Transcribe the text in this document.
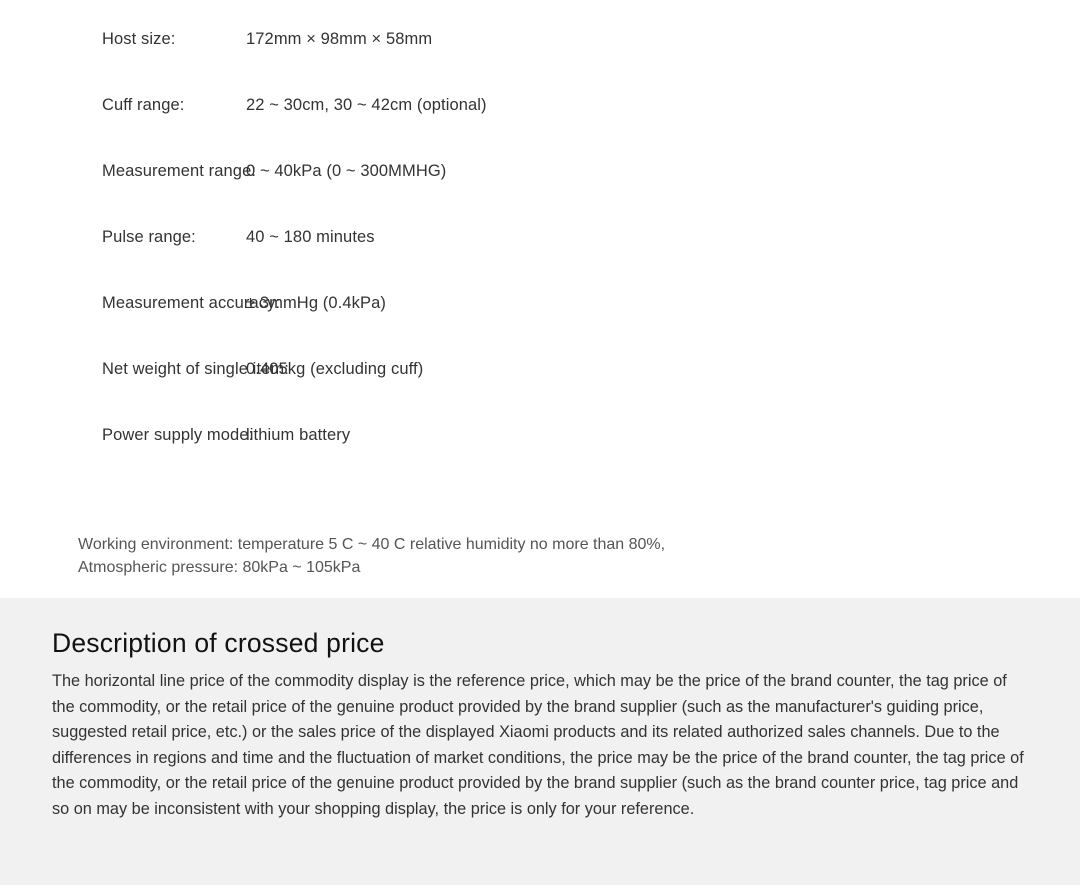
Host size:	172mm × 98mm × 58mm
Cuff range:	22 ~ 30cm, 30 ~ 42cm (optional)
Measurement range:
0 ~ 40kPa (0 ~ 300MMHG)
Pulse range:	40 ~ 180 minutes
Measurement accuracy:
± 3mmHg (0.4kPa)
Net weight of single item:
0.405kg (excluding cuff)
Power supply mode:
lithium battery
Working environment: temperature 5 C ~ 40 C relative humidity no more than 80%,
Atmospheric pressure: 80kPa ~ 105kPa
Description of crossed price

The horizontal line price of the commodity display is the reference price, which may be the price of the brand counter, the tag price of the commodity, or the retail price of the genuine product provided by the brand supplier (such as the manufacturer's guiding price, suggested retail price, etc.) or the sales price of the displayed Xiaomi products and its related authorized sales channels. Due to the differences in regions and time and the fluctuation of market conditions, the price may be the price of the brand counter, the tag price of the commodity, or the retail price of the genuine product provided by the brand supplier (such as the brand counter price, tag price and so on may be inconsistent with your shopping display, the price is only for your reference.
